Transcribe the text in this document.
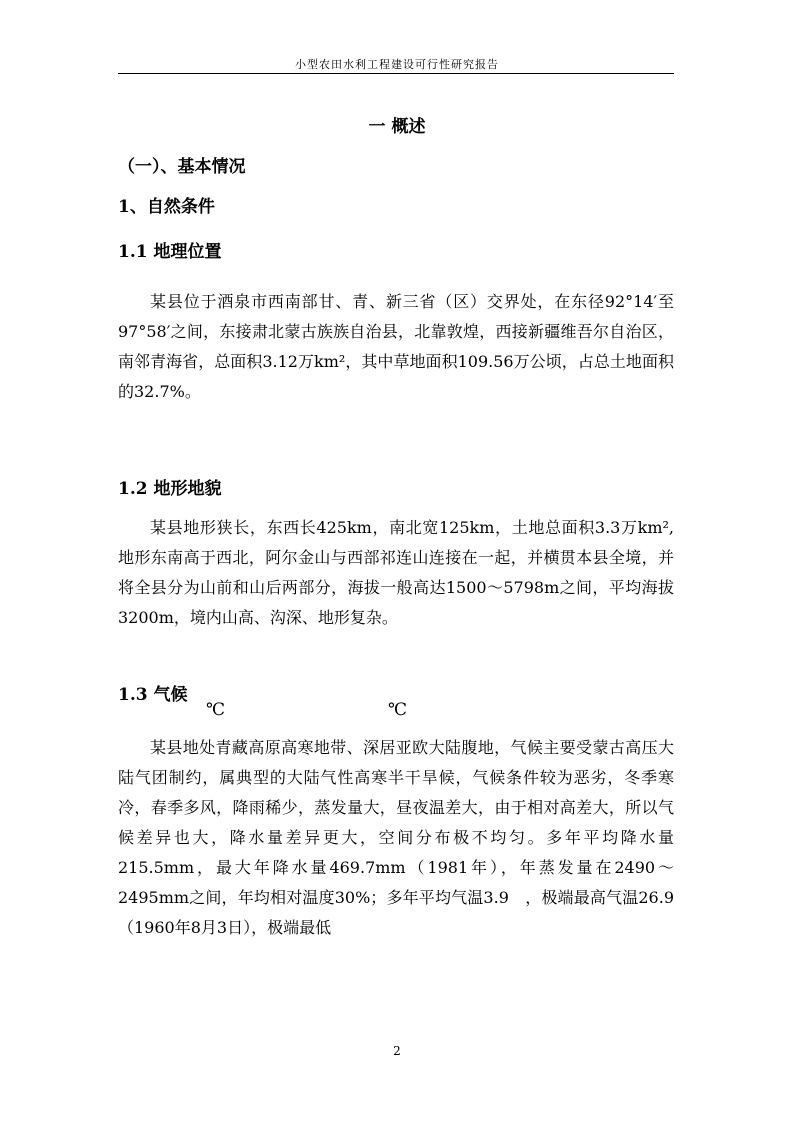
小型农田水利工程建设可行性研究报告
一 概述
（一）、基本情况
1、自然条件
1.1 地理位置

某县位于酒泉市西南部甘、青、新三省（区）交界处，在东径92°14′至97°58′之间，东接肃北蒙古族族自治县，北靠敦煌，西接新疆维吾尔自治区，南邻青海省，总面积3.12万km²，其中草地面积109.56万公顷，占总土地面积的32.7%。

1.2 地形地貌

某县地形狭长，东西长425km，南北宽125km，土地总面积3.3万km²,地形东南高于西北，阿尔金山与西部祁连山连接在一起，并横贯本县全境，并将全县分为山前和山后两部分，海拔一般高达1500～5798m之间，平均海拔3200m，境内山高、沟深、地形复杂。

1.3 气候
℃	℃

某县地处青藏高原高寒地带、深居亚欧大陆腹地，气候主要受蒙古高压大陆气团制约，属典型的大陆气性高寒半干旱候，气候条件较为恶劣，冬季寒冷，春季多风，降雨稀少，蒸发量大，昼夜温差大，由于相对高差大，所以气候差异也大，降水量差异更大，空间分布极不均匀。多年平均降水量215.5mm，最大年降水量469.7mm（1981年），年蒸发量在2490～2495mm之间，年均相对温度30%；多年平均气温3.9　，极端最高气温26.9　（1960年8月3日），极端最低

2
